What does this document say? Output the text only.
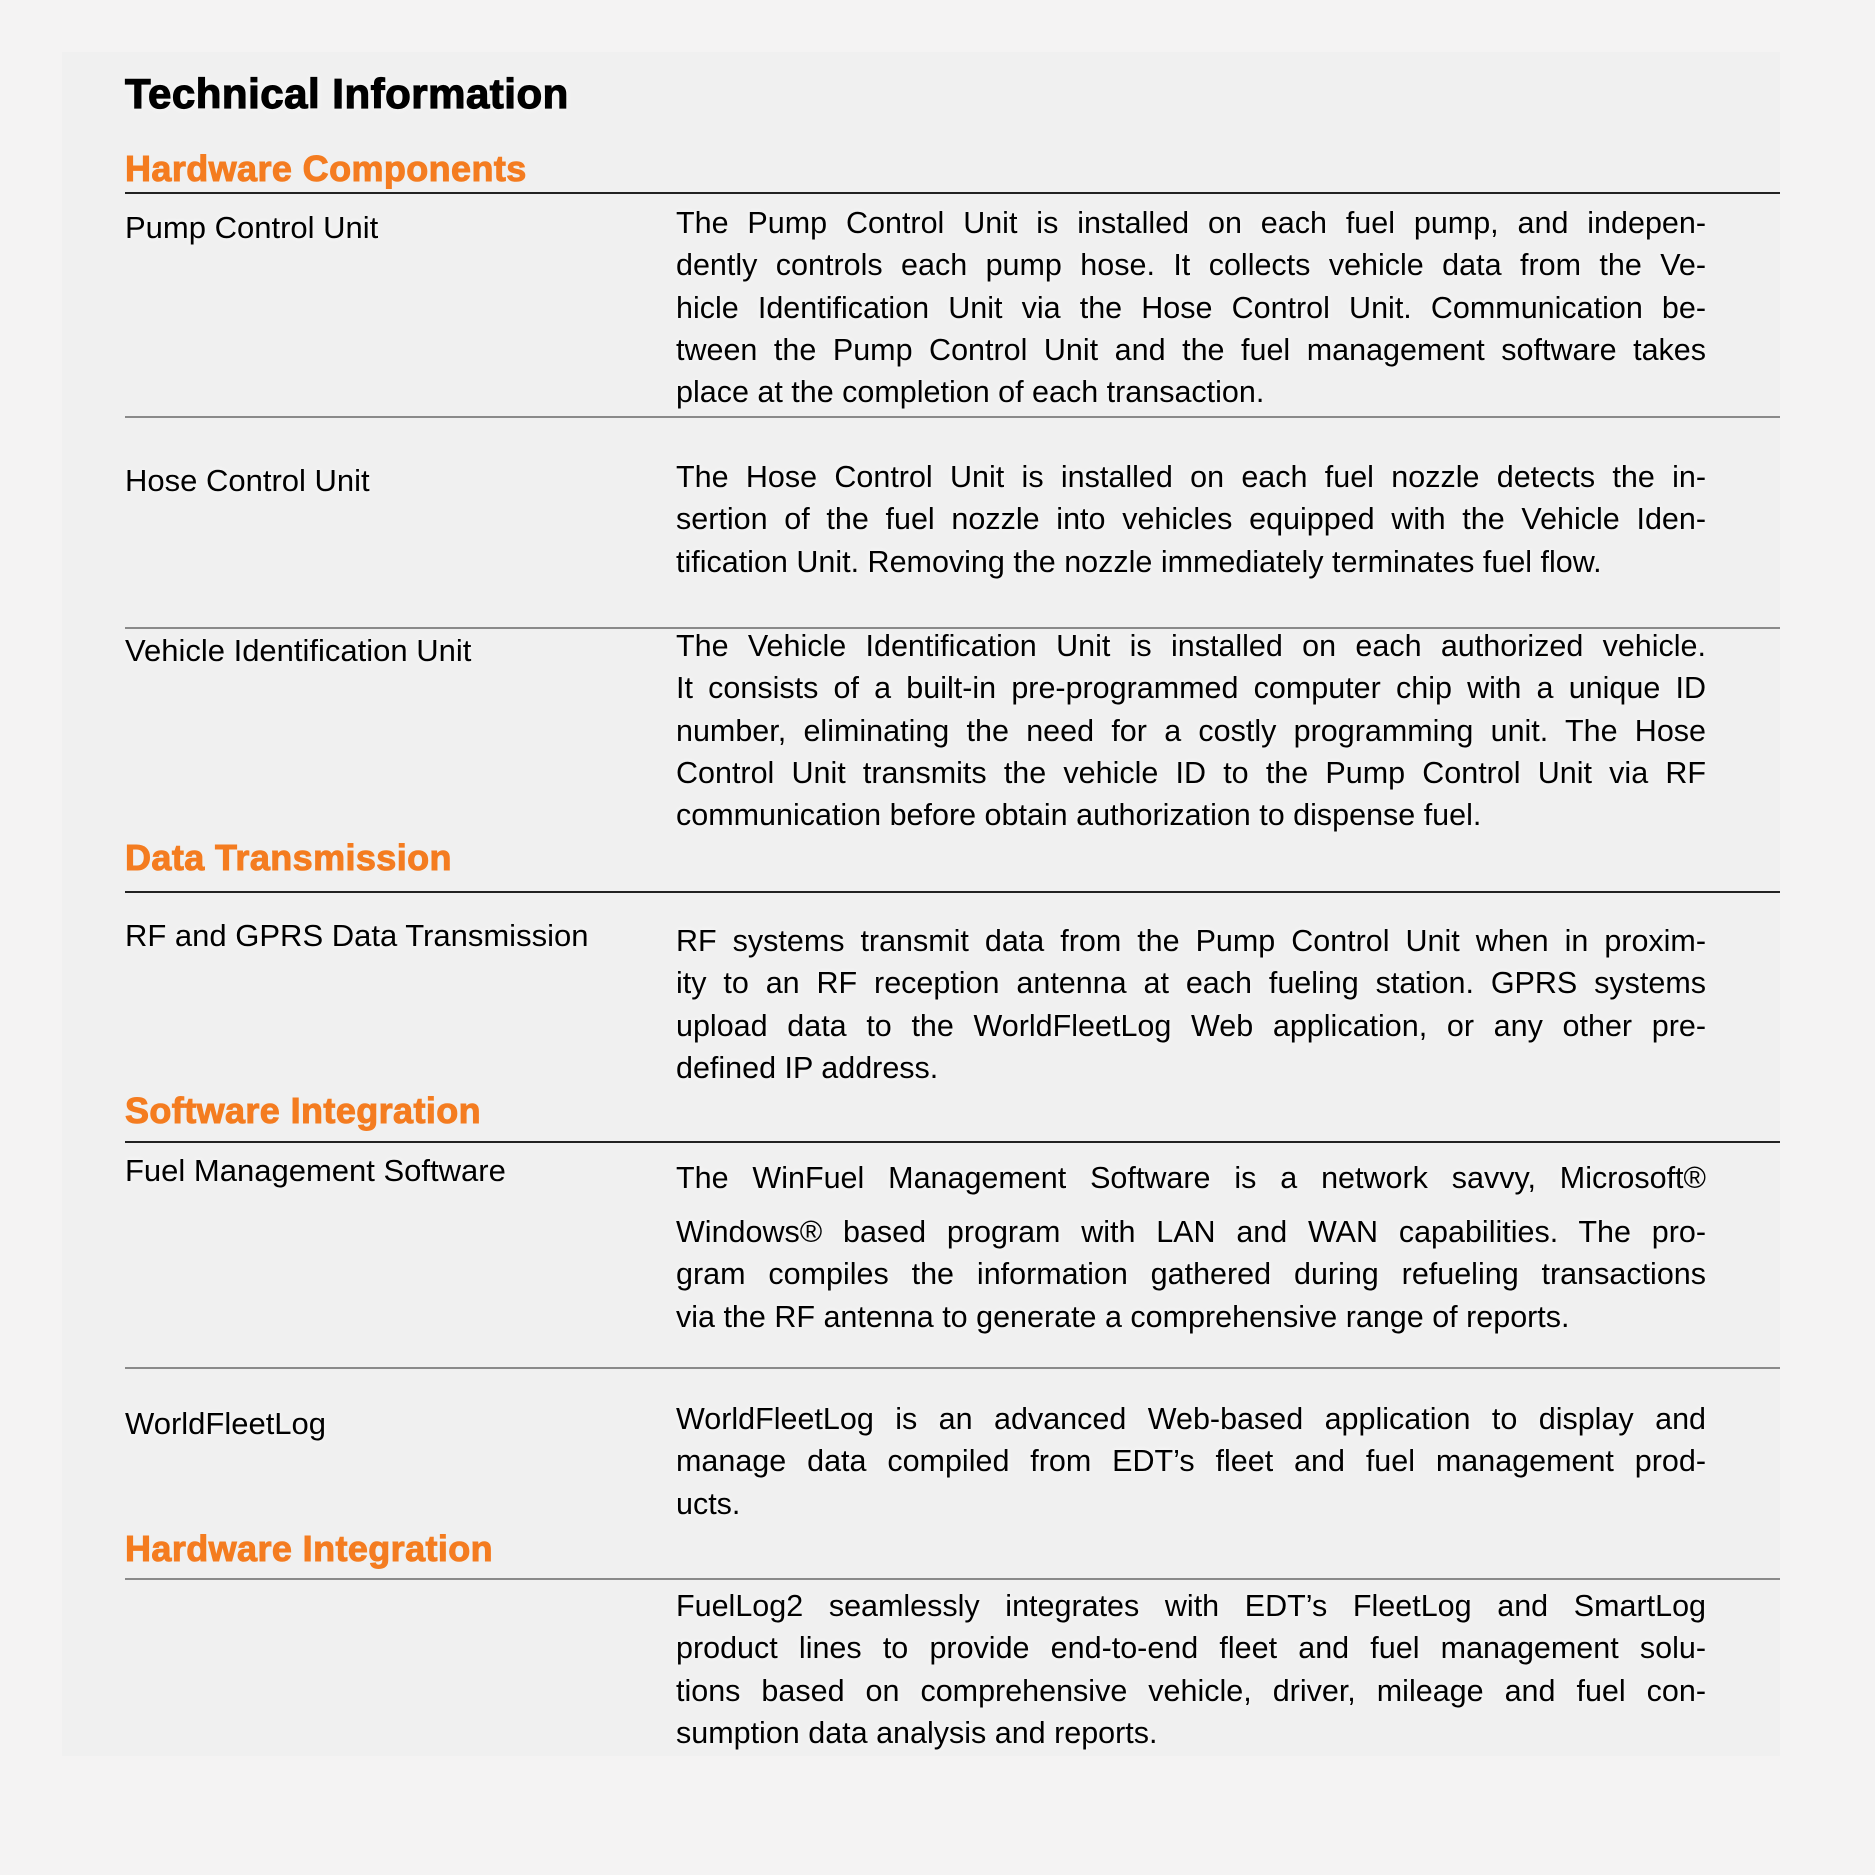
Technical Information
Hardware Components
Pump Control Unit	The Pump Control Unit is installed on each fuel pump, and indepen-
dently controls each pump hose. It collects vehicle data from the Ve-
hicle Identification Unit via the Hose Control Unit. Communication be-
tween the Pump Control Unit and the fuel management software takes
place at the completion of each transaction.
Hose Control Unit	The Hose Control Unit is installed on each fuel nozzle detects the in-
sertion of the fuel nozzle into vehicles equipped with the Vehicle Iden-
tification Unit. Removing the nozzle immediately terminates fuel flow.
Vehicle Identification Unit	The Vehicle Identification Unit is installed on each authorized vehicle.
It consists of a built-in pre-programmed computer chip with a unique ID
number, eliminating the need for a costly programming unit. The Hose
Control Unit transmits the vehicle ID to the Pump Control Unit via RF
communication before obtain authorization to dispense fuel.
Data Transmission
RF and GPRS Data Transmission	RF systems transmit data from the Pump Control Unit when in proxim-
ity to an RF reception antenna at each fueling station. GPRS systems
upload data to the WorldFleetLog Web application, or any other pre-
defined IP address.
Software Integration
Fuel Management Software	The WinFuel Management Software is a network savvy, Microsoft®
Windows® based program with LAN and WAN capabilities. The pro-
gram compiles the information gathered during refueling transactions
via the RF antenna to generate a comprehensive range of reports.
WorldFleetLog	WorldFleetLog is an advanced Web-based application to display and
manage data compiled from EDT’s fleet and fuel management prod-
ucts.
Hardware Integration
FuelLog2 seamlessly integrates with EDT’s FleetLog and SmartLog
product lines to provide end-to-end fleet and fuel management solu-
tions based on comprehensive vehicle, driver, mileage and fuel con-
sumption data analysis and reports.
